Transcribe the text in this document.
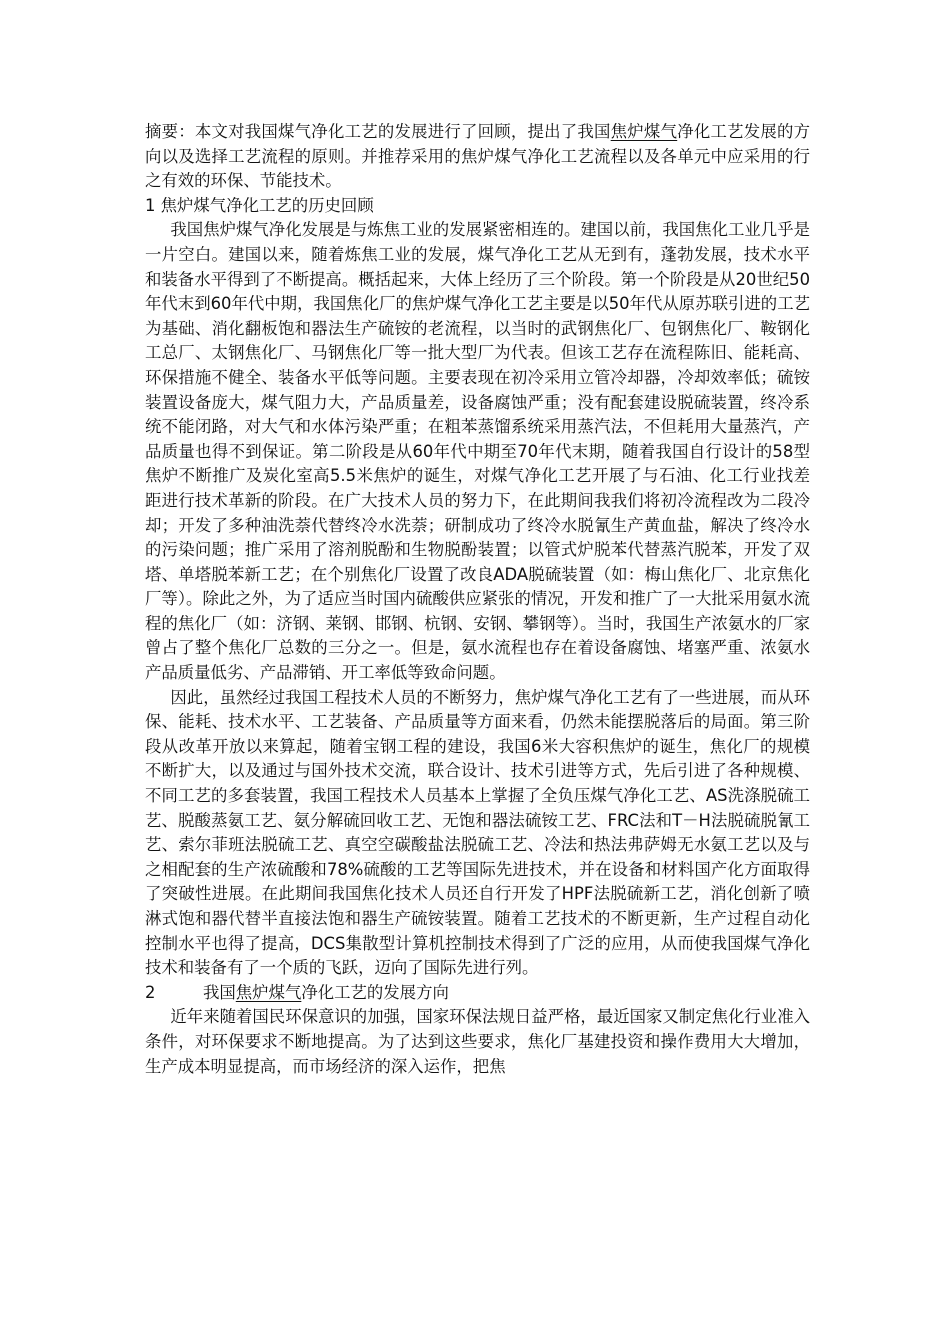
摘要：本文对我国煤气净化工艺的发展进行了回顾，提出了我国焦炉煤气净化工艺发展的方向以及选择工艺流程的原则。并推荐采用的焦炉煤气净化工艺流程以及各单元中应采用的行之有效的环保、节能技术。

1 焦炉煤气净化工艺的历史回顾

我国焦炉煤气净化发展是与炼焦工业的发展紧密相连的。建国以前，我国焦化工业几乎是一片空白。建国以来，随着炼焦工业的发展，煤气净化工艺从无到有，蓬勃发展，技术水平和装备水平得到了不断提高。概括起来，大体上经历了三个阶段。第一个阶段是从20世纪50年代末到60年代中期，我国焦化厂的焦炉煤气净化工艺主要是以50年代从原苏联引进的工艺为基础、消化翻板饱和器法生产硫铵的老流程，以当时的武钢焦化厂、包钢焦化厂、鞍钢化工总厂、太钢焦化厂、马钢焦化厂等一批大型厂为代表。但该工艺存在流程陈旧、能耗高、环保措施不健全、装备水平低等问题。主要表现在初冷采用立管冷却器，冷却效率低；硫铵装置设备庞大，煤气阻力大，产品质量差，设备腐蚀严重；没有配套建设脱硫装置，终冷系统不能闭路，对大气和水体污染严重；在粗苯蒸馏系统采用蒸汽法，不但耗用大量蒸汽，产品质量也得不到保证。第二阶段是从60年代中期至70年代末期，随着我国自行设计的58型焦炉不断推广及炭化室高5.5米焦炉的诞生，对煤气净化工艺开展了与石油、化工行业找差距进行技术革新的阶段。在广大技术人员的努力下，在此期间我我们将初冷流程改为二段冷却；开发了多种油洗萘代替终冷水洗萘；研制成功了终冷水脱氰生产黄血盐，解决了终冷水的污染问题；推广采用了溶剂脱酚和生物脱酚装置；以管式炉脱苯代替蒸汽脱苯，开发了双塔、单塔脱苯新工艺；在个别焦化厂设置了改良ADA脱硫装置（如：梅山焦化厂、北京焦化厂等）。除此之外，为了适应当时国内硫酸供应紧张的情况，开发和推广了一大批采用氨水流程的焦化厂（如：济钢、莱钢、邯钢、杭钢、安钢、攀钢等）。当时，我国生产浓氨水的厂家曾占了整个焦化厂总数的三分之一。但是，氨水流程也存在着设备腐蚀、堵塞严重、浓氨水产品质量低劣、产品滞销、开工率低等致命问题。

因此，虽然经过我国工程技术人员的不断努力，焦炉煤气净化工艺有了一些进展，而从环保、能耗、技术水平、工艺装备、产品质量等方面来看，仍然未能摆脱落后的局面。第三阶段从改革开放以来算起，随着宝钢工程的建设，我国6米大容积焦炉的诞生，焦化厂的规模不断扩大，以及通过与国外技术交流，联合设计、技术引进等方式，先后引进了各种规模、不同工艺的多套装置，我国工程技术人员基本上掌握了全负压煤气净化工艺、AS洗涤脱硫工艺、脱酸蒸氨工艺、氨分解硫回收工艺、无饱和器法硫铵工艺、FRC法和T－H法脱硫脱氰工艺、索尔菲班法脱硫工艺、真空空碳酸盐法脱硫工艺、冷法和热法弗萨姆无水氨工艺以及与之相配套的生产浓硫酸和78%硫酸的工艺等国际先进技术，并在设备和材料国产化方面取得了突破性进展。在此期间我国焦化技术人员还自行开发了HPF法脱硫新工艺，消化创新了喷淋式饱和器代替半直接法饱和器生产硫铵装置。随着工艺技术的不断更新，生产过程自动化控制水平也得了提高，DCS集散型计算机控制技术得到了广泛的应用，从而使我国煤气净化技术和装备有了一个质的飞跃，迈向了国际先进行列。

2	我国焦炉煤气净化工艺的发展方向

近年来随着国民环保意识的加强，国家环保法规日益严格，最近国家又制定焦化行业准入条件，对环保要求不断地提高。为了达到这些要求，焦化厂基建投资和操作费用大大增加，生产成本明显提高，而市场经济的深入运作，把焦
